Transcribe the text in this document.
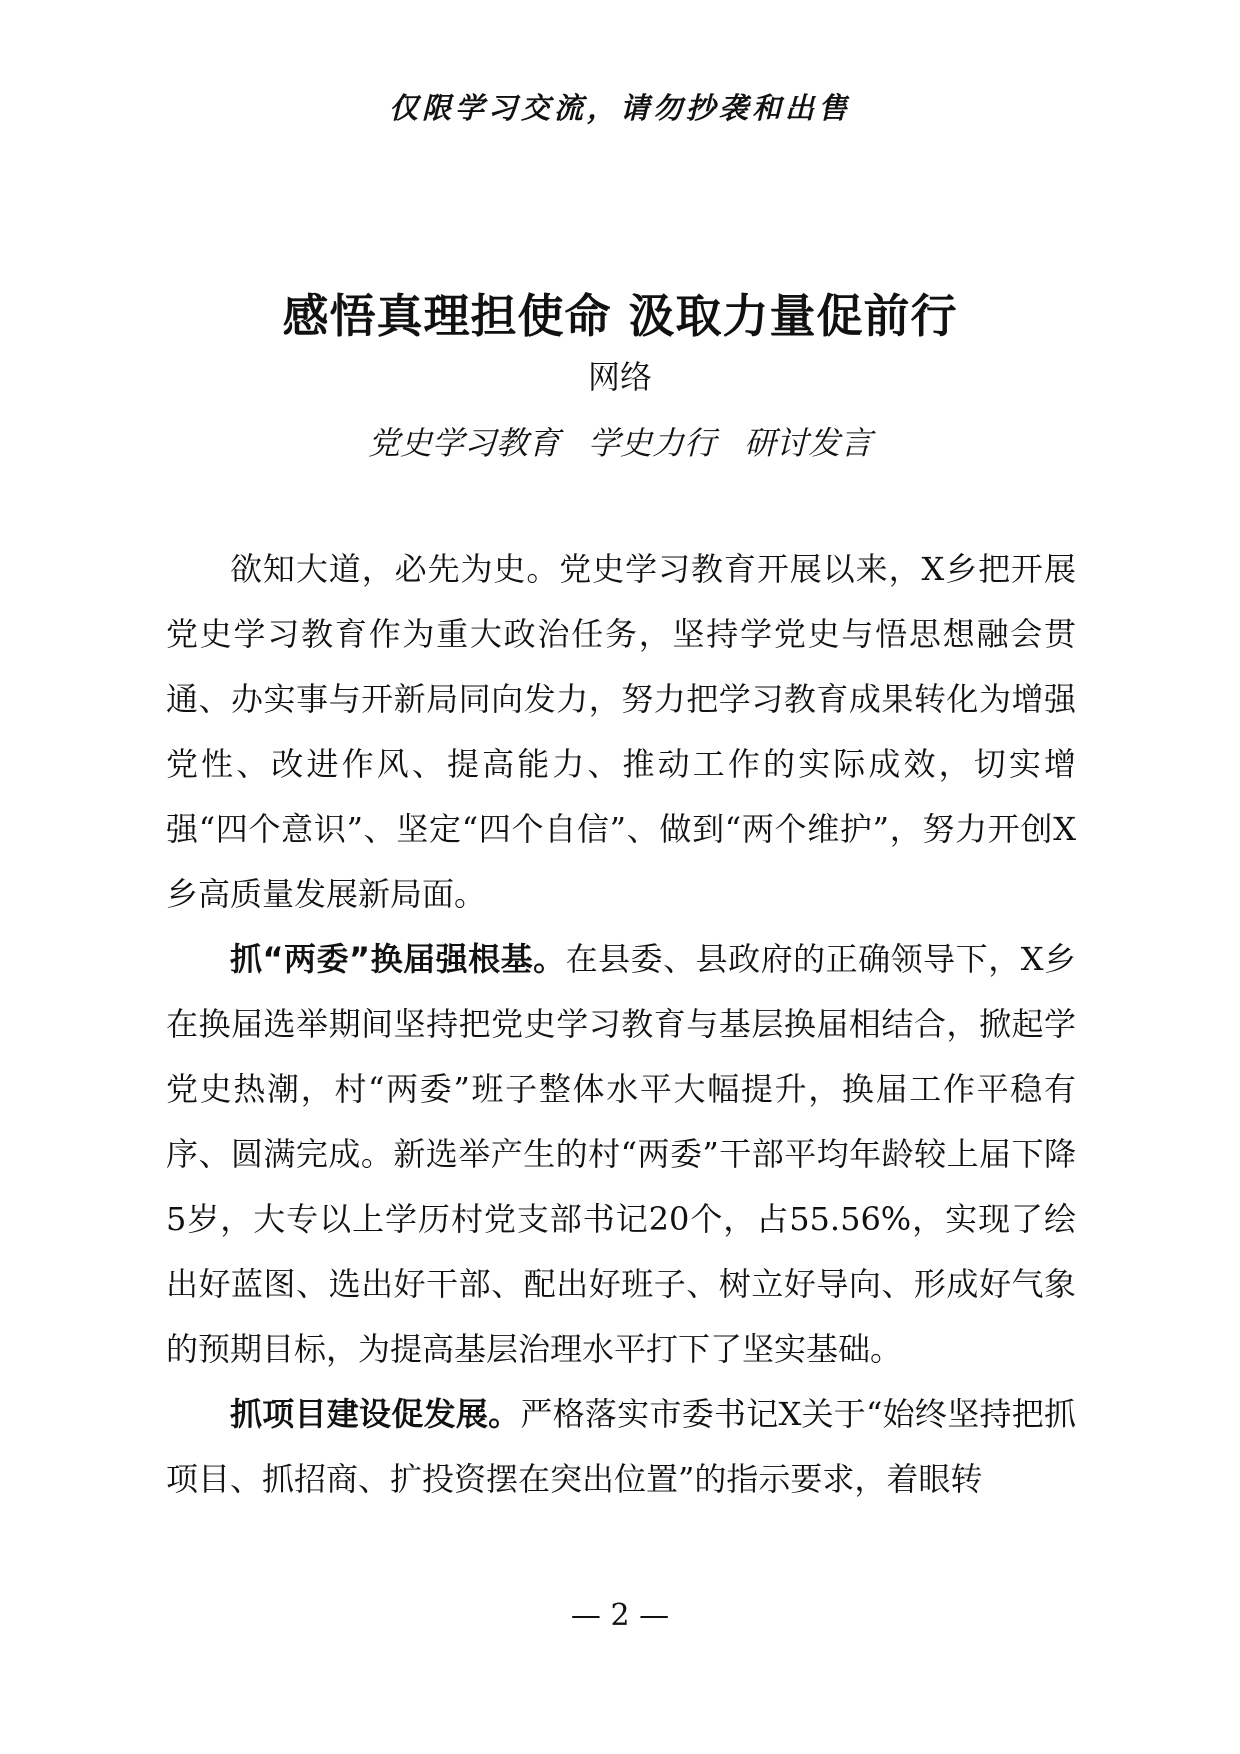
仅限学习交流，请勿抄袭和出售
感悟真理担使命 汲取力量促前行
网络
党史学习教育 学史力行 研讨发言

欲知大道，必先为史。党史学习教育开展以来，X乡把开展党史学习教育作为重大政治任务，坚持学党史与悟思想融会贯通、办实事与开新局同向发力，努力把学习教育成果转化为增强党性、改进作风、提高能力、推动工作的实际成效，切实增强“四个意识”、坚定“四个自信”、做到“两个维护”，努力开创X乡高质量发展新局面。

抓“两委”换届强根基。在县委、县政府的正确领导下，X乡在换届选举期间坚持把党史学习教育与基层换届相结合，掀起学党史热潮，村“两委”班子整体水平大幅提升，换届工作平稳有序、圆满完成。新选举产生的村“两委”干部平均年龄较上届下降5岁，大专以上学历村党支部书记20个，占55.56%，实现了绘出好蓝图、选出好干部、配出好班子、树立好导向、形成好气象的预期目标，为提高基层治理水平打下了坚实基础。

抓项目建设促发展。严格落实市委书记X关于“始终坚持把抓项目、抓招商、扩投资摆在突出位置”的指示要求，着眼转

— 2 —
